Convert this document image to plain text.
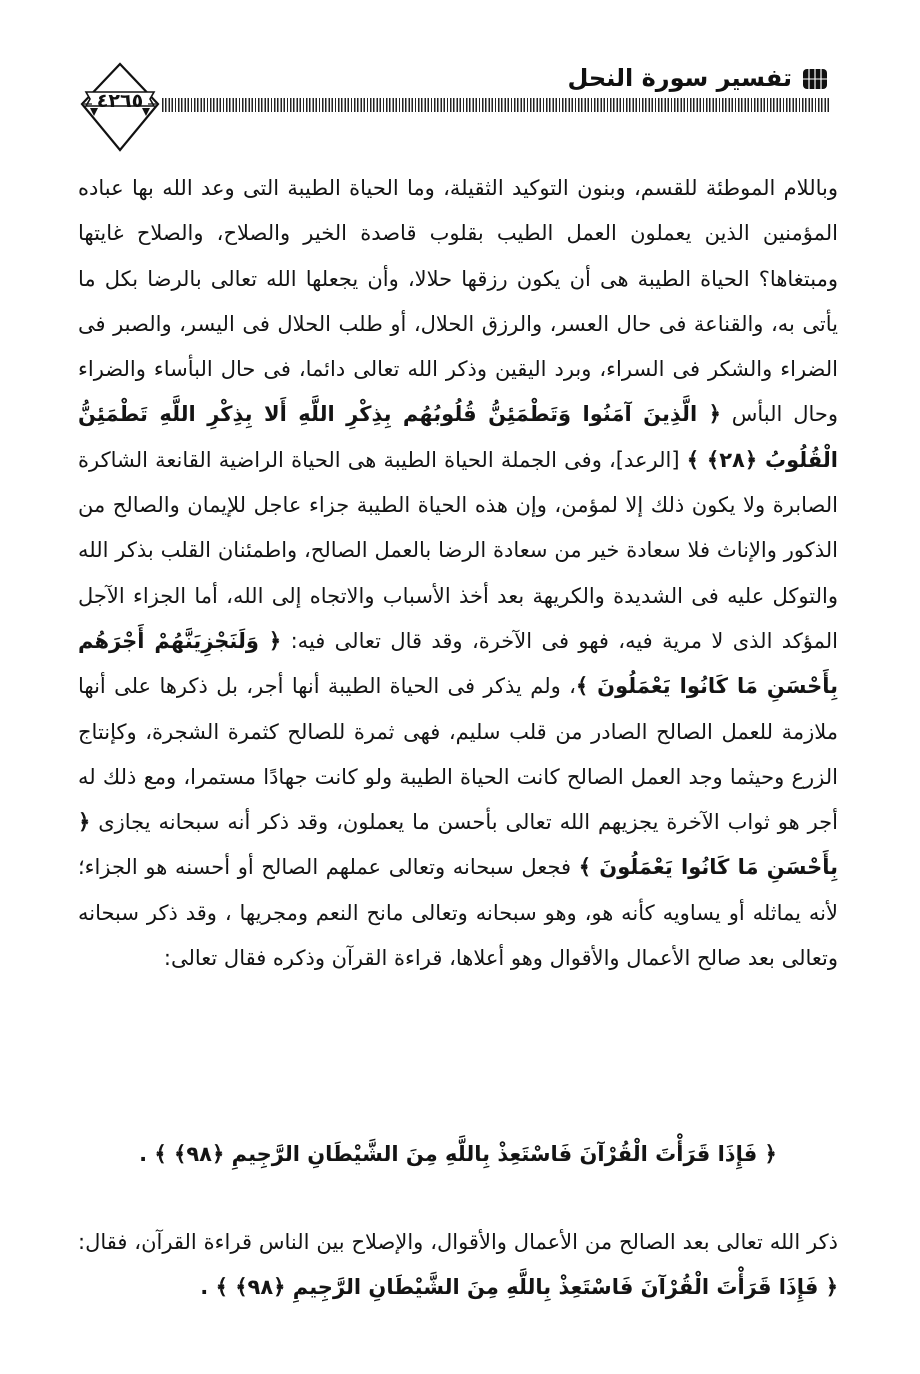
٤٢٦٥
تفسير سورة النحل

وباللام الموطئة للقسم، وبنون التوكيد الثقيلة، وما الحياة الطيبة التى وعد الله بها عباده المؤمنين الذين يعملون العمل الطيب بقلوب قاصدة الخير والصلاح، والصلاح غايتها ومبتغاها؟ الحياة الطيبة هى أن يكون رزقها حلالا، وأن يجعلها الله تعالى بالرضا بكل ما يأتى به، والقناعة فى حال العسر، والرزق الحلال، أو طلب الحلال فى اليسر، والصبر فى الضراء والشكر فى السراء، وبرد اليقين وذكر الله تعالى دائما، فى حال البأساء والضراء وحال البأس ﴿ الَّذِينَ آمَنُوا وَتَطْمَئِنُّ قُلُوبُهُم بِذِكْرِ اللَّهِ أَلا بِذِكْرِ اللَّهِ تَطْمَئِنُّ الْقُلُوبُ ﴿٢٨﴾ ﴾ [الرعد]، وفى الجملة الحياة الطيبة هى الحياة الراضية القانعة الشاكرة الصابرة ولا يكون ذلك إلا لمؤمن، وإن هذه الحياة الطيبة جزاء عاجل للإيمان والصالح من الذكور والإناث فلا سعادة خير من سعادة الرضا بالعمل الصالح، واطمئنان القلب بذكر الله والتوكل عليه فى الشديدة والكريهة بعد أخذ الأسباب والاتجاه إلى الله، أما الجزاء الآجل المؤكد الذى لا مرية فيه، فهو فى الآخرة، وقد قال تعالى فيه: ﴿ وَلَنَجْزِيَنَّهُمْ أَجْرَهُم بِأَحْسَنِ مَا كَانُوا يَعْمَلُونَ ﴾، ولم يذكر فى الحياة الطيبة أنها أجر، بل ذكرها على أنها ملازمة للعمل الصالح الصادر من قلب سليم، فهى ثمرة للصالح كثمرة الشجرة، وكإنتاج الزرع وحيثما وجد العمل الصالح كانت الحياة الطيبة ولو كانت جهادًا مستمرا، ومع ذلك له أجر هو ثواب الآخرة يجزيهم الله تعالى بأحسن ما يعملون، وقد ذكر أنه سبحانه يجازى ﴿ بِأَحْسَنِ مَا كَانُوا يَعْمَلُونَ ﴾ فجعل سبحانه وتعالى عملهم الصالح أو أحسنه هو الجزاء؛ لأنه يماثله أو يساويه كأنه هو، وهو سبحانه وتعالى مانح النعم ومجريها ، وقد ذكر سبحانه وتعالى بعد صالح الأعمال والأقوال وهو أعلاها، قراءة القرآن وذكره فقال تعالى:

﴿ فَإِذَا قَرَأْتَ الْقُرْآنَ فَاسْتَعِذْ بِاللَّهِ مِنَ الشَّيْطَانِ الرَّجِيمِ ﴿٩٨﴾ ﴾ .

ذكر الله تعالى بعد الصالح من الأعمال والأقوال، والإصلاح بين الناس قراءة القرآن، فقال: ﴿ فَإِذَا قَرَأْتَ الْقُرْآنَ فَاسْتَعِذْ بِاللَّهِ مِنَ الشَّيْطَانِ الرَّجِيمِ ﴿٩٨﴾ ﴾ .
